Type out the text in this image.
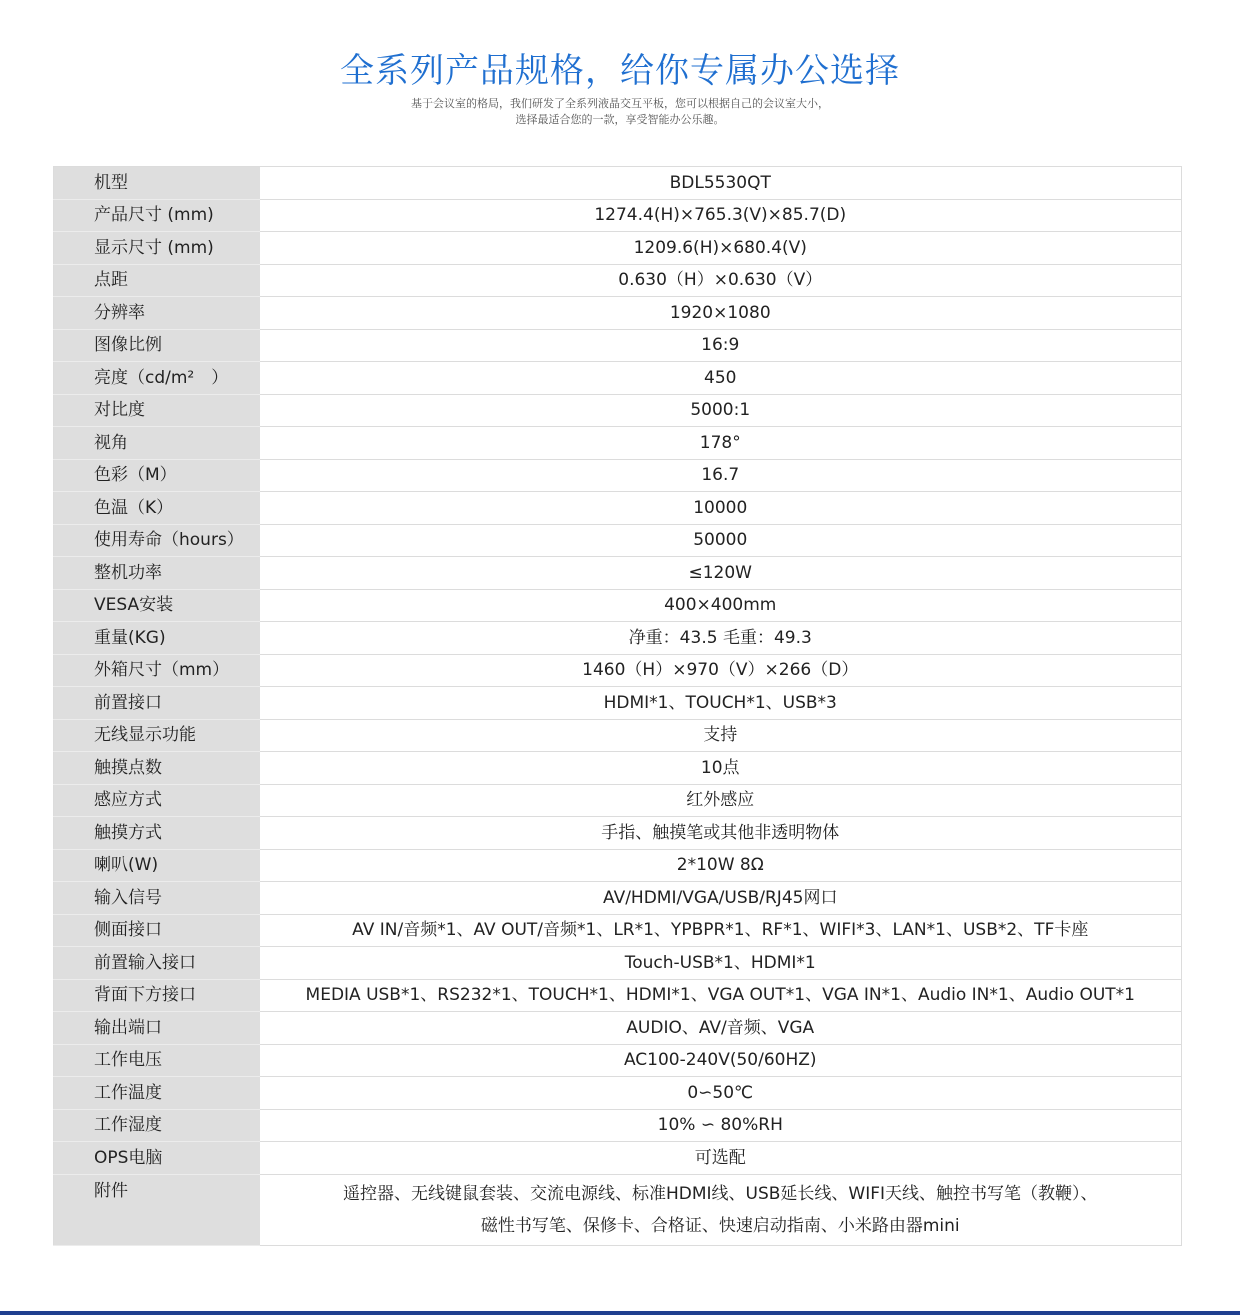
全系列产品规格，给你专属办公选择
基于会议室的格局，我们研发了全系列液晶交互平板，您可以根据自己的会议室大小，
选择最适合您的一款，享受智能办公乐趣。
机型	BDL5530QT
产品尺寸 (mm)	1274.4(H)×765.3(V)×85.7(D)
显示尺寸 (mm)	1209.6(H)×680.4(V)
点距	0.630（H）×0.630（V）
分辨率	1920×1080
图像比例	16:9
亮度（cd/m²　）	450
对比度	5000:1
视角	178°
色彩（M）	16.7
色温（K）	10000
使用寿命（hours）	50000
整机功率	≤120W
VESA安装	400×400mm
重量(KG)	净重：43.5 毛重：49.3
外箱尺寸（mm）	1460（H）×970（V）×266（D）
前置接口	HDMI*1、TOUCH*1、USB*3
无线显示功能	支持
触摸点数	10点
感应方式	红外感应
触摸方式	手指、触摸笔或其他非透明物体
喇叭(W)	2*10W 8Ω
输入信号	AV/HDMI/VGA/USB/RJ45网口
侧面接口	AV IN/音频*1、AV OUT/音频*1、LR*1、YPBPR*1、RF*1、WIFI*3、LAN*1、USB*2、TF卡座
前置输入接口	Touch-USB*1、HDMI*1
背面下方接口	MEDIA USB*1、RS232*1、TOUCH*1、HDMI*1、VGA OUT*1、VGA IN*1、Audio IN*1、Audio OUT*1
输出端口	AUDIO、AV/音频、VGA
工作电压	AC100-240V(50/60HZ)
工作温度	0∽50℃
工作湿度	10% ∽ 80%RH
OPS电脑	可选配
附件	遥控器、无线键鼠套装、交流电源线、标准HDMI线、USB延长线、WIFI天线、触控书写笔（教鞭）、
磁性书写笔、保修卡、合格证、快速启动指南、小米路由器mini
